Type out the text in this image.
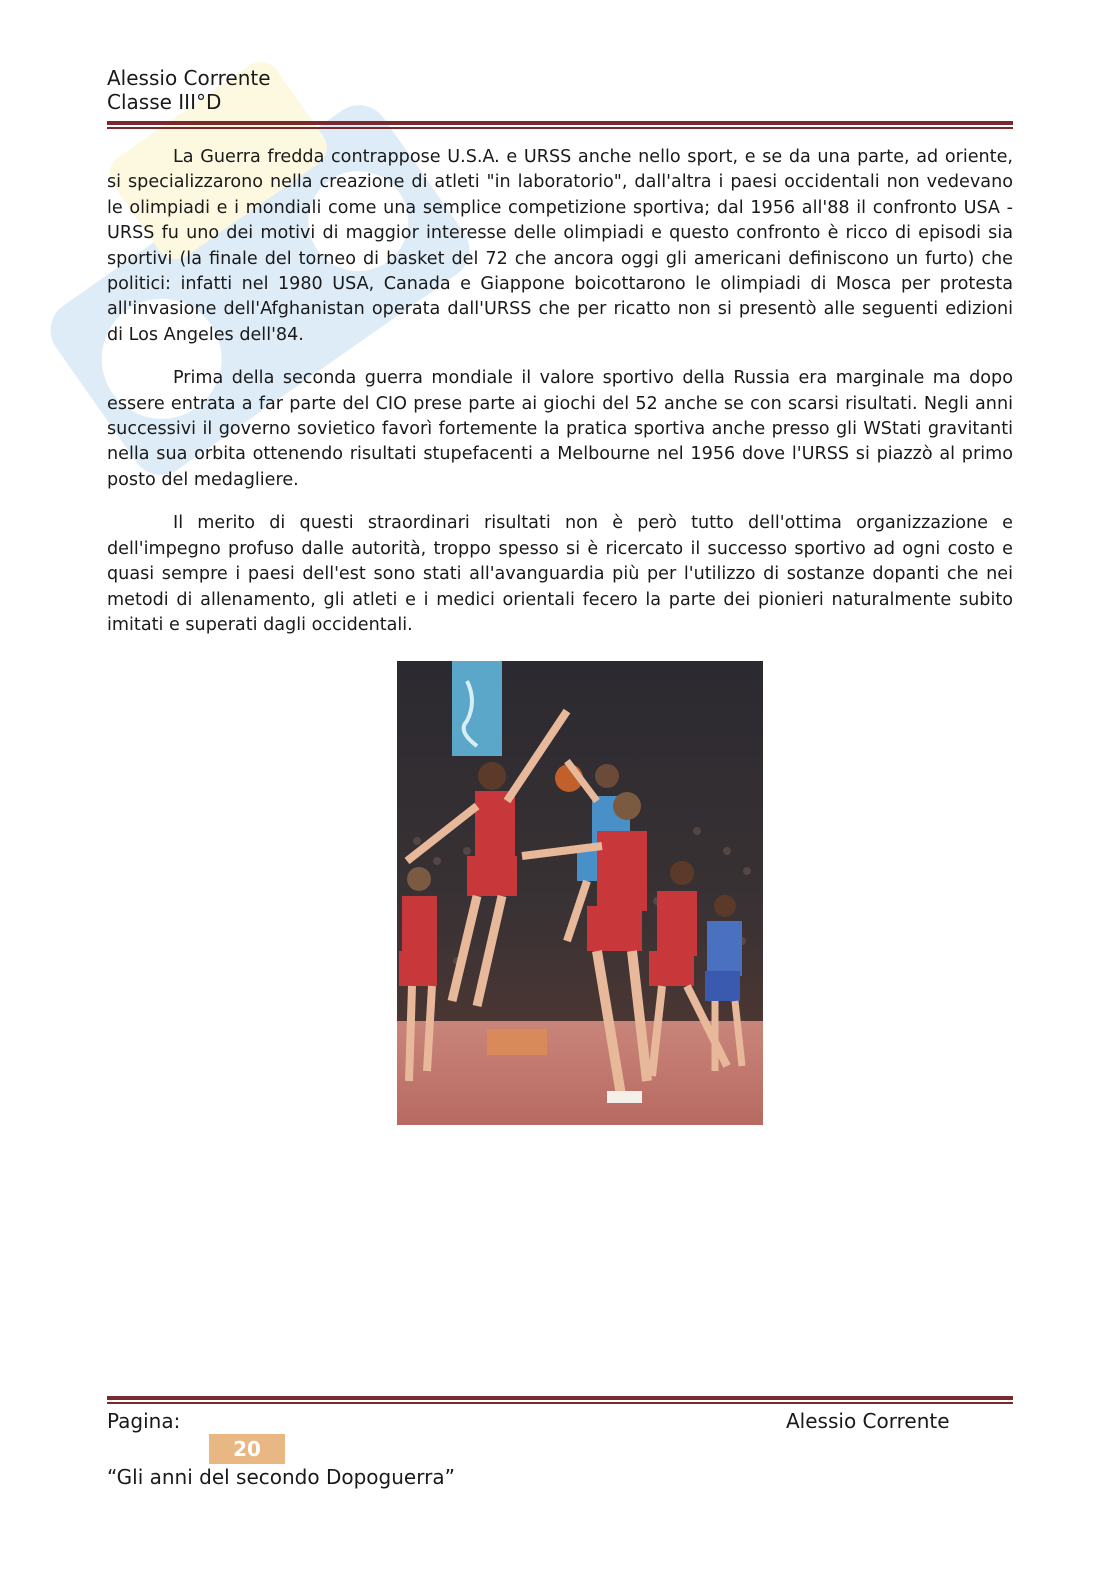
Alessio Corrente
Classe III°D

La Guerra fredda contrappose U.S.A. e URSS anche nello sport, e se da una parte, ad oriente, si specializzarono nella creazione di atleti "in laboratorio", dall'altra i paesi occidentali non vedevano le olimpiadi e i mondiali come una semplice competizione sportiva; dal 1956 all'88 il confronto USA - URSS fu uno dei motivi di maggior interesse delle olimpiadi e questo confronto è ricco di episodi sia sportivi (la finale del torneo di basket del 72 che ancora oggi gli americani definiscono un furto) che politici: infatti nel 1980 USA, Canada e Giappone boicottarono le olimpiadi di Mosca per protesta all'invasione dell'Afghanistan operata dall'URSS che per ricatto non si presentò alle seguenti edizioni di Los Angeles dell'84.

Prima della seconda guerra mondiale il valore sportivo della Russia era marginale ma dopo essere entrata a far parte del CIO prese parte ai giochi del 52 anche se con scarsi risultati. Negli anni successivi il governo sovietico favorì fortemente la pratica sportiva anche presso gli WStati gravitanti nella sua orbita ottenendo risultati stupefacenti a Melbourne nel 1956 dove l'URSS si piazzò al primo posto del medagliere.

Il merito di questi straordinari risultati non è però tutto dell'ottima organizzazione e dell'impegno profuso dalle autorità, troppo spesso si è ricercato il successo sportivo ad ogni costo e quasi sempre i paesi dell'est sono stati all'avanguardia più per l'utilizzo di sostanze dopanti che nei metodi di allenamento, gli atleti e i medici orientali fecero la parte dei pionieri naturalmente subito imitati e superati dagli occidentali.

Pagina:
20
Alessio Corrente
“Gli anni del secondo Dopoguerra”
